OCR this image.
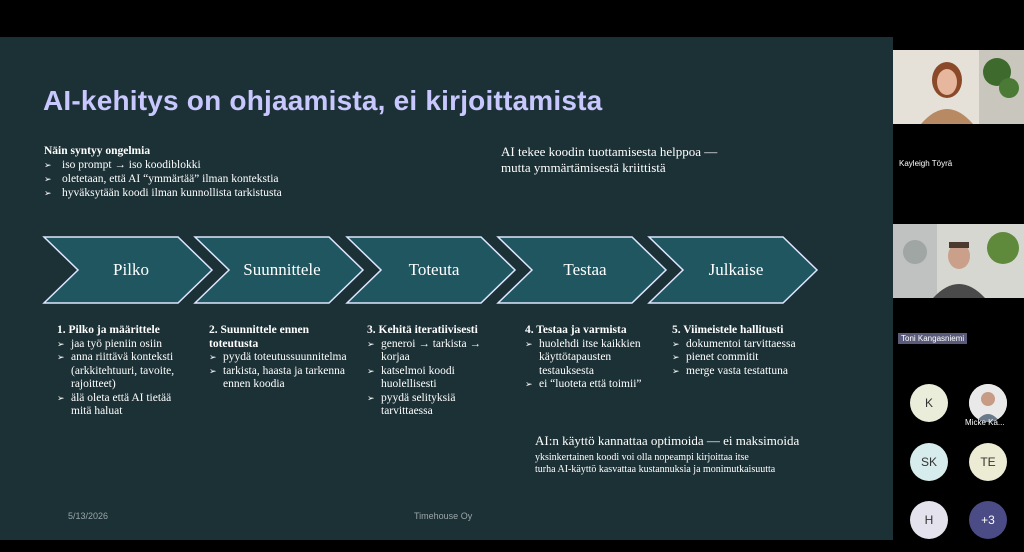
AI-kehitys on ohjaamista, ei kirjoittamista
Näin syntyy ongelmia
➢ iso prompt → iso koodiblokki
➢ oletetaan, että AI “ymmärtää” ilman kontekstia
➢ hyväksytään koodi ilman kunnollista tarkistusta
AI tekee koodin tuottamisesta helppoa —
mutta ymmärtämisestä kriittistä
Pilko	Suunnittele	Toteuta	Testaa	Julkaise
1. Pilko ja määrittele
➢ jaa työ pieniin osiin
➢ anna riittävä konteksti (arkkitehtuuri, tavoite, rajoitteet)
➢ älä oleta että AI tietää mitä haluat
2. Suunnittele ennen toteutusta
➢ pyydä toteutussuunnitelma
➢ tarkista, haasta ja tarkenna ennen koodia
3. Kehitä iteratiivisesti
➢ generoi → tarkista → korjaa
➢ katselmoi koodi huolellisesti
➢ pyydä selityksiä tarvittaessa
4. Testaa ja varmista
➢ huolehdi itse kaikkien käyttötapausten testauksesta
➢ ei “luoteta että toimii”
5. Viimeistele hallitusti
➢ dokumentoi tarvittaessa
➢ pienet commitit
➢ merge vasta testattuna
AI:n käyttö kannattaa optimoida — ei maksimoida
yksinkertainen koodi voi olla nopeampi kirjoittaa itse
turha AI-käyttö kasvattaa kustannuksia ja monimutkaisuutta
5/13/2026	Timehouse Oy
Kayleigh Töyrä
Toni Kangasniemi
K
Micke Ka...
SK	TE
H	+3
